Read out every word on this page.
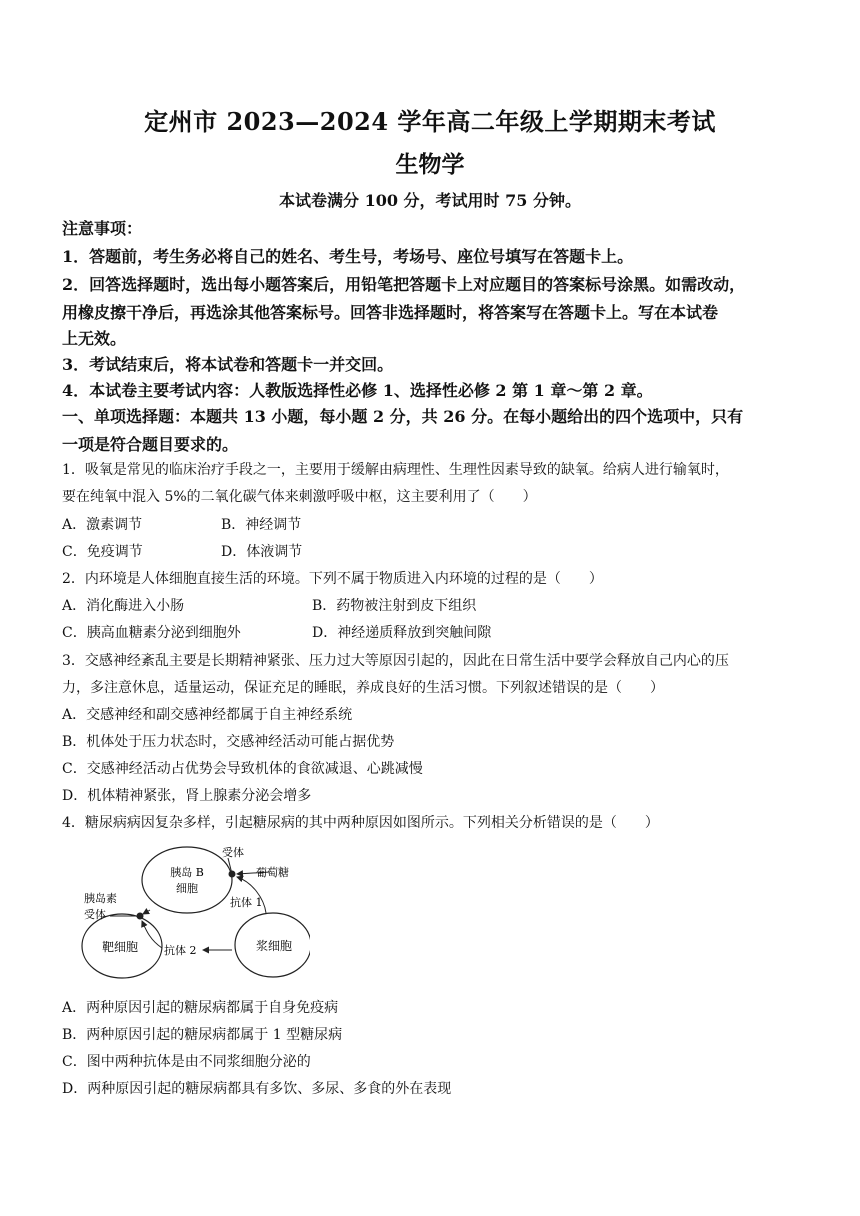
定州市 2023—2024 学年高二年级上学期期末考试
生物学
本试卷满分 100 分，考试用时 75 分钟。
注意事项：
1．答题前，考生务必将自己的姓名、考生号，考场号、座位号填写在答题卡上。
2．回答选择题时，选出每小题答案后，用铅笔把答题卡上对应题目的答案标号涂黑。如需改动，
用橡皮擦干净后，再选涂其他答案标号。回答非选择题时，将答案写在答题卡上。写在本试卷
上无效。
3．考试结束后，将本试卷和答题卡一并交回。
4．本试卷主要考试内容：人教版选择性必修 1、选择性必修 2 第 1 章～第 2 章。
一、单项选择题：本题共 13 小题，每小题 2 分，共 26 分。在每小题给出的四个选项中，只有
一项是符合题目要求的。
1．吸氧是常见的临床治疗手段之一，主要用于缓解由病理性、生理性因素导致的缺氧。给病人进行输氧时，
要在纯氧中混入 5%的二氧化碳气体来刺激呼吸中枢，这主要利用了（　　）
A．激素调节	B．神经调节
C．免疫调节	D．体液调节
2．内环境是人体细胞直接生活的环境。下列不属于物质进入内环境的过程的是（　　）
A．消化酶进入小肠	B．药物被注射到皮下组织
C．胰高血糖素分泌到细胞外	D．神经递质释放到突触间隙
3．交感神经紊乱主要是长期精神紧张、压力过大等原因引起的，因此在日常生活中要学会释放自己内心的压
力，多注意休息，适量运动，保证充足的睡眠，养成良好的生活习惯。下列叙述错误的是（　　）
A．交感神经和副交感神经都属于自主神经系统
B．机体处于压力状态时，交感神经活动可能占据优势
C．交感神经活动占优势会导致机体的食欲减退、心跳减慢
D．机体精神紧张，肾上腺素分泌会增多
4．糖尿病病因复杂多样，引起糖尿病的其中两种原因如图所示。下列相关分析错误的是（　　）
胰岛 B
细胞
靶细胞	浆细胞
受体
葡萄糖
抗体 1
胰岛素
受体
抗体 2
A．两种原因引起的糖尿病都属于自身免疫病
B．两种原因引起的糖尿病都属于 1 型糖尿病
C．图中两种抗体是由不同浆细胞分泌的
D．两种原因引起的糖尿病都具有多饮、多尿、多食的外在表现
